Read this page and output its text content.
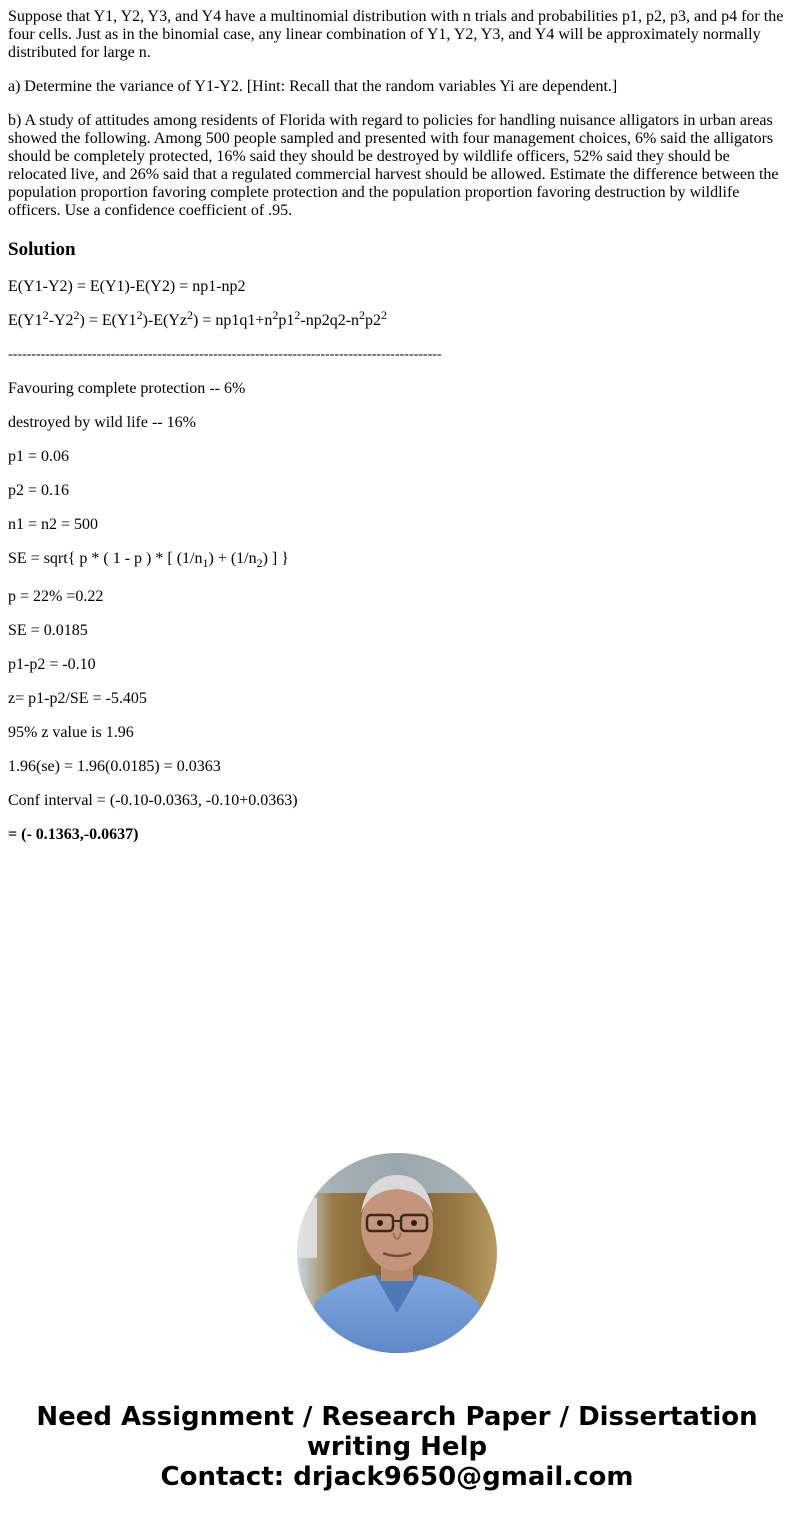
Suppose that Y1, Y2, Y3, and Y4 have a multinomial distribution with n trials and probabilities p1, p2, p3, and p4 for the four cells. Just as in the binomial case, any linear combination of Y1, Y2, Y3, and Y4 will be approximately normally distributed for large n.

a) Determine the variance of Y1-Y2. [Hint: Recall that the random variables Yi are dependent.]

b) A study of attitudes among residents of Florida with regard to policies for handling nuisance alligators in urban areas showed the following. Among 500 people sampled and presented with four management choices, 6% said the alligators should be completely protected, 16% said they should be destroyed by wildlife officers, 52% said they should be relocated live, and 26% said that a regulated commercial harvest should be allowed. Estimate the difference between the population proportion favoring complete protection and the population proportion favoring destruction by wildlife officers. Use a confidence coefficient of .95.

Solution
E(Y1-Y2) = E(Y1)-E(Y2) = np1-np2
$E(Y1^2-Y2^2) = E(Y1^2)-E(Yz^2) = np1q1+n^2p1^2-np2q2-n^2p2^2$
---------------------------------------------------------------------------------------------
Favouring complete protection -- 6%
destroyed by wild life -- 16%
p1 = 0.06
p2 = 0.16
n1 = n2 = 500
SE = sqrt{ p * ( 1 - p ) * [ $(1/n_1) + (1/n_2)$ ] }
p = 22% =0.22
SE = 0.0185
p1-p2 = -0.10
z= p1-p2/SE = -5.405
95% z value is 1.96
1.96(se) = 1.96(0.0185) = 0.0363
Conf interval = (-0.10-0.0363, -0.10+0.0363)
= (- 0.1363,-0.0637)
Need Assignment / Research Paper / Dissertation
writing Help
Contact: drjack9650@gmail.com
